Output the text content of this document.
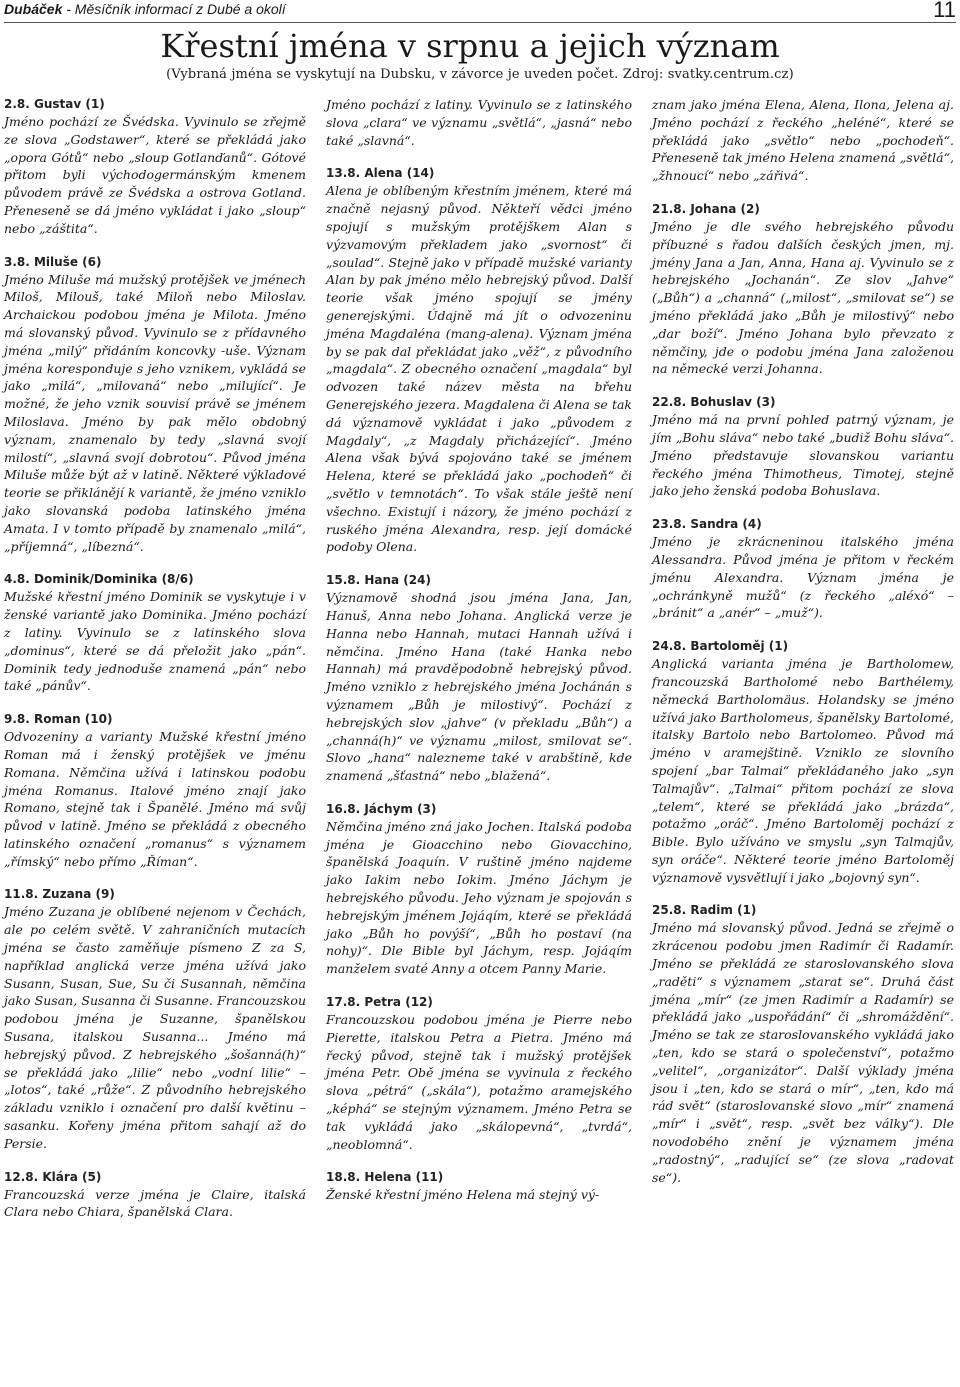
Dubáček - Měsíčník informací z Dubé a okolí	11
Křestní jména v srpnu a jejich význam
(Vybraná jména se vyskytují na Dubsku, v závorce je uveden počet. Zdroj: svatky.centrum.cz)
2.8. Gustav (1)

Jméno pochází ze Švédska. Vyvinulo se zřejmě ze slova „Godstawer“, které se překládá jako „opora Gótů“ nebo „sloup Gotlanďanů“. Gótové přitom byli východogermánským kmenem původem právě ze Švédska a ostrova Gotland. Přeneseně se dá jméno vykládat i jako „sloup“ nebo „záštita“.

3.8. Miluše (6)

Jméno Miluše má mužský protějšek ve jménech Miloš, Milouš, také Miloň nebo Miloslav. Archaickou podobou jména je Milota. Jméno má slovanský původ. Vyvinulo se z přídavného jména „milý“ přidáním koncovky -uše. Význam jména koresponduje s jeho vznikem, vykládá se jako „milá“, „milovaná“ nebo „milující“. Je možné, že jeho vznik souvisí právě se jménem Miloslava. Jméno by pak mělo obdobný význam, znamenalo by tedy „slavná svojí milostí“, „slavná svojí dobrotou“. Původ jména Miluše může být až v latině. Některé výkladové teorie se přiklánějí k variantě, že jméno vzniklo jako slovanská podoba latinského jména Amata. I v tomto případě by znamenalo „milá“, „příjemná“, „líbezná“.

4.8. Dominik/Dominika (8/6)

Mužské křestní jméno Dominik se vyskytuje i v ženské variantě jako Dominika. Jméno pochází z latiny. Vyvinulo se z latinského slova „dominus“, které se dá přeložit jako „pán“. Dominik tedy jednoduše znamená „pán“ nebo také „pánův“.

9.8. Roman (10)

Odvozeniny a varianty Mužské křestní jméno Roman má i ženský protějšek ve jménu Romana. Němčina užívá i latinskou podobu jména Romanus. Italové jméno znají jako Romano, stejně tak i Španělé. Jméno má svůj původ v latině. Jméno se překládá z obecného latinského označení „romanus“ s významem „římský“ nebo přímo „Říman“.

11.8. Zuzana (9)

Jméno Zuzana je oblíbené nejenom v Čechách, ale po celém světě. V zahraničních mutacích jména se často zaměňuje písmeno Z za S, například anglická verze jména užívá jako Susann, Susan, Sue, Su či Susannah, němčina jako Susan, Susanna či Susanne. Francouzskou podobou jména je Suzanne, španělskou Susana, italskou Susanna... Jméno má hebrejský původ. Z hebrejského „šošanná(h)“ se překládá jako „lilie“ nebo „vodní lilie“ – „lotos“, také „růže“. Z původního hebrejského základu vzniklo i označení pro další květinu – sasanku. Kořeny jména přitom sahají až do Persie.

12.8. Klára (5)

Francouzská verze jména je Claire, italská Clara nebo Chiara, španělská Clara.

Jméno pochází z latiny. Vyvinulo se z latinského slova „clara“ ve významu „světlá“, „jasná“ nebo také „slavná“.

13.8. Alena (14)

Alena je oblíbeným křestním jménem, které má značně nejasný původ. Někteří vědci jméno spojují s mužským protějškem Alan s výzvamovým překladem jako „svornost“ či „soulad“. Stejně jako v případě mužské varianty Alan by pak jméno mělo hebrejský původ. Další teorie však jméno spojují se jmény generejskými. Údajně má jít o odvozeninu jména Magdaléna (mang-alena). Význam jména by se pak dal překládat jako „věž“, z původního „magdala“. Z obecného označení „magdala“ byl odvozen také název města na břehu Generejského jezera. Magdalena či Alena se tak dá významově vykládat i jako „původem z Magdaly“, „z Magdaly přicházející“. Jméno Alena však bývá spojováno také se jménem Helena, které se překládá jako „pochodeň“ či „světlo v temnotách“. To však stále ještě není všechno. Existují i názory, že jméno pochází z ruského jména Alexandra, resp. její domácké podoby Olena.

15.8. Hana (24)

Významově shodná jsou jména Jana, Jan, Hanuš, Anna nebo Johana. Anglická verze je Hanna nebo Hannah, mutaci Hannah užívá i němčina. Jméno Hana (také Hanka nebo Hannah) má pravděpodobně hebrejský původ. Jméno vzniklo z hebrejského jména Jochánán s významem „Bůh je milostivý“. Pochází z hebrejských slov „jahve“ (v překladu „Bůh“) a „channá(h)“ ve významu „milost, smilovat se“. Slovo „hana“ nalezneme také v arabštině, kde znamená „šťastná“ nebo „blažená“.

16.8. Jáchym (3)

Němčina jméno zná jako Jochen. Italská podoba jména je Gioacchino nebo Giovacchino, španělská Joaquín. V ruštině jméno najdeme jako Iakim nebo Iokim. Jméno Jáchym je hebrejského původu. Jeho význam je spojován s hebrejským jménem Jojáqím, které se překládá jako „Bůh ho povýší“, „Bůh ho postaví (na nohy)“. Dle Bible byl Jáchym, resp. Jojáqím manželem svaté Anny a otcem Panny Marie.

17.8. Petra (12)

Francouzskou podobou jména je Pierre nebo Pierette, italskou Petra a Pietra. Jméno má řecký původ, stejně tak i mužský protějšek jména Petr. Obě jména se vyvinula z řeckého slova „pétrá“ („skála“), potažmo aramejského „képhá“ se stejným významem. Jméno Petra se tak vykládá jako „skálopevná“, „tvrdá“, „neoblomná“.

18.8. Helena (11)

Ženské křestní jméno Helena má stejný vý-

znam jako jména Elena, Alena, Ilona, Jelena aj. Jméno pochází z řeckého „heléné“, které se překládá jako „světlo“ nebo „pochodeň“. Přeneseně tak jméno Helena znamená „světlá“, „žhnoucí“ nebo „zářivá“.

21.8. Johana (2)

Jméno je dle svého hebrejského původu příbuzné s řadou dalších českých jmen, mj. jmény Jana a Jan, Anna, Hana aj. Vyvinulo se z hebrejského „Jochanán“. Ze slov „Jahve“ („Bůh“) a „channá“ („milost“, „smilovat se“) se jméno překládá jako „Bůh je milostivý“ nebo „dar boží“. Jméno Johana bylo převzato z němčiny, jde o podobu jména Jana založenou na německé verzi Johanna.

22.8. Bohuslav (3)

Jméno má na první pohled patrný význam, je jím „Bohu sláva“ nebo také „budiž Bohu sláva“. Jméno představuje slovanskou variantu řeckého jména Thimotheus, Timotej, stejně jako jeho ženská podoba Bohuslava.

23.8. Sandra (4)

Jméno je zkrácneninou italského jména Alessandra. Původ jména je přitom v řeckém jménu Alexandra. Význam jména je „ochránkyně mužů“ (z řeckého „aléxó“ – „bránit“ a „anér“ – „muž“).

24.8. Bartoloměj (1)

Anglická varianta jména je Bartholomew, francouzská Bartholomé nebo Barthélemy, německá Bartholomäus. Holandsky se jméno užívá jako Bartholomeus, španělsky Bartolomé, italsky Bartolo nebo Bartolomeo. Původ má jméno v aramejštině. Vzniklo ze slovního spojení „bar Talmai“ překládaného jako „syn Talmajův“. „Talmai“ přitom pochází ze slova „telem“, které se překládá jako „brázda“, potažmo „oráč“. Jméno Bartoloměj pochází z Bible. Bylo užíváno ve smyslu „syn Talmajův, syn oráče“. Některé teorie jméno Bartoloměj významově vysvětlují i jako „bojovný syn“.

25.8. Radim (1)

Jméno má slovanský původ. Jedná se zřejmě o zkrácenou podobu jmen Radimír či Radamír. Jméno se překládá ze staroslovanského slova „raděti“ s významem „starat se“. Druhá část jména „mír“ (ze jmen Radimír a Radamír) se překládá jako „uspořádání“ či „shromáždění“. Jméno se tak ze staroslovanského vykládá jako „ten, kdo se stará o společenství“, potažmo „velitel“, „organizátor“. Další výklady jména jsou i „ten, kdo se stará o mír“, „ten, kdo má rád svět“ (staroslovanské slovo „mír“ znamená „mír“ i „svět“, resp. „svět bez války“). Dle novodobého znění je významem jména „radostný“, „radující se“ (ze slova „radovat se“).
